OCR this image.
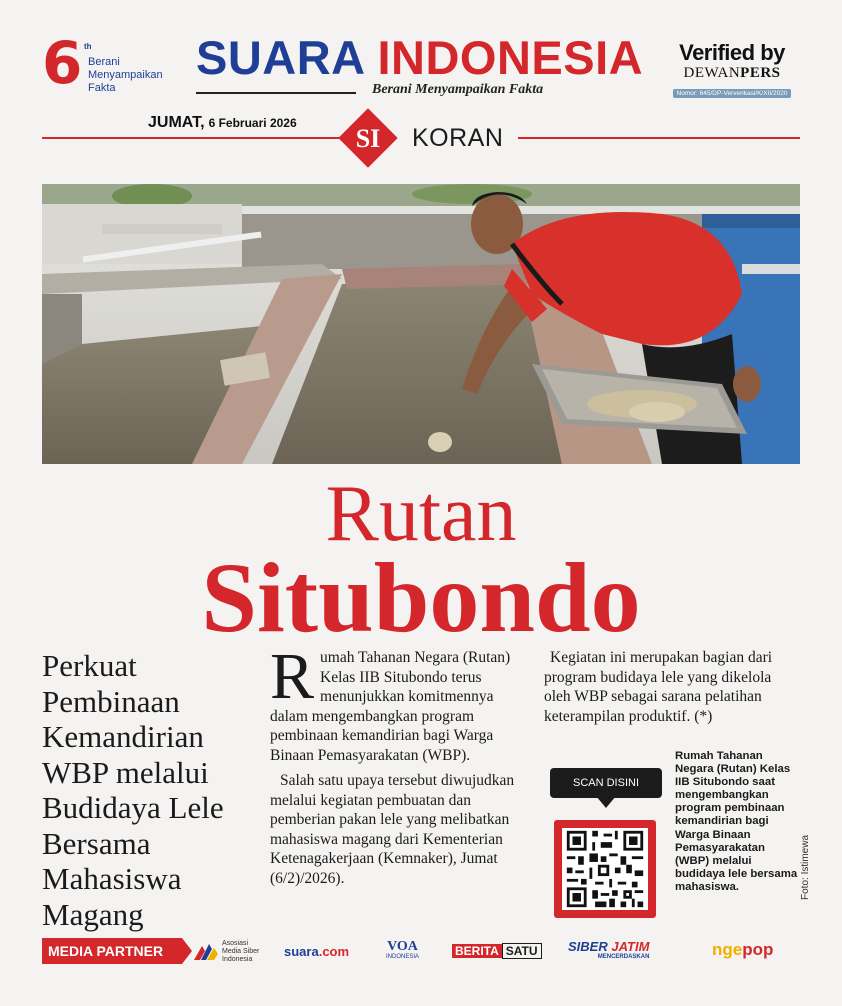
6 th
Berani
Menyampaikan
Fakta
SUARA INDONESIA
Berani Menyampaikan Fakta
Verified by
DEWANPERS
Nomor: 645/DP-Ververikasi/K/XII/2020
JUMAT, 6 Februari 2026
SI	KORAN
Rutan
Situbondo
Perkuat
Pembinaan
Kemandirian
WBP melalui
Budidaya Lele
Bersama
Mahasiswa
Magang

Rumah Tahanan Negara (Rutan) Kelas IIB Situbondo terus menunjukkan komitmennya dalam mengembangkan program pembinaan kemandirian bagi Warga Binaan Pemasyarakatan (WBP).

Salah satu upaya tersebut diwujudkan melalui kegiatan pembuatan dan pemberian pakan lele yang melibatkan mahasiswa magang dari Kementerian Ketenagakerjaan (Kemnaker), Jumat (6/2)/2026).

Kegiatan ini merupakan bagian dari program budidaya lele yang dikelola oleh WBP sebagai sarana pelatihan keterampilan produktif. (*)

SCAN DISINI
Rumah Tahanan Negara (Rutan) Kelas IIB Situbondo saat mengembangkan program pembinaan kemandirian bagi Warga Binaan Pemasyarakatan (WBP) melalui budidaya lele bersama mahasiswa.	Foto: Istimewa
MEDIA PARTNER	Asosiasi
Media Siber
Indonesia
suara.com	VOA
INDONESIA	BERITA SATU	SIBER JATIM
MENCERDASKAN	ngepop
